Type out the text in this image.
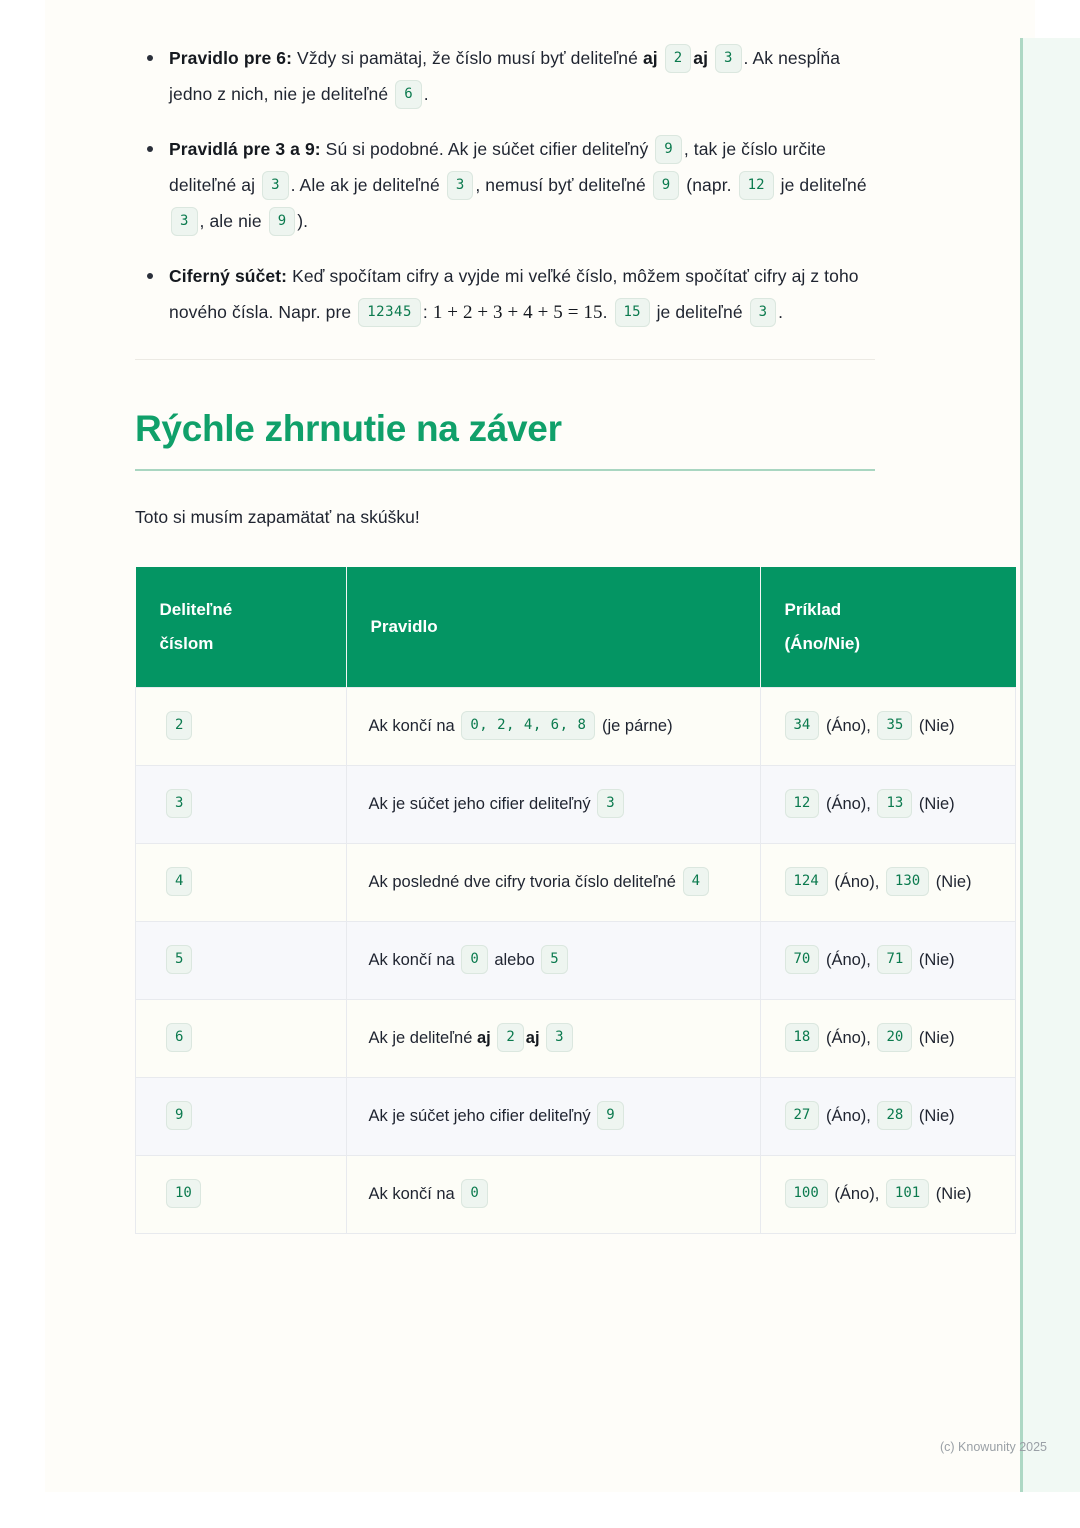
Pravidlo pre 6: Vždy si pamätaj, že číslo musí byť deliteľné aj 2 aj 3 . Ak nespĺňa jedno z nich, nie je deliteľné 6 .
Pravidlá pre 3 a 9: Sú si podobné. Ak je súčet cifier deliteľný 9 , tak je číslo určite deliteľné aj 3 . Ale ak je deliteľné 3 , nemusí byť deliteľné 9 (napr. 12 je deliteľné 3 , ale nie 9 ).
Ciferný súčet: Keď spočítam cifry a vyjde mi veľké číslo, môžem spočítať cifry aj z toho nového čísla. Napr. pre 12345 : 1 + 2 + 3 + 4 + 5 = 15. 15 je deliteľné 3 .
Rýchle zhrnutie na záver

Toto si musím zapamätať na skúšku!

Deliteľné
číslom	Pravidlo	Príklad
(Áno/Nie)
2	Ak končí na 0, 2, 4, 6, 8 (je párne)	34 (Áno), 35 (Nie)
3	Ak je súčet jeho cifier deliteľný 3	12 (Áno), 13 (Nie)
4	Ak posledné dve cifry tvoria číslo deliteľné 4	124 (Áno), 130 (Nie)
5	Ak končí na 0 alebo 5	70 (Áno), 71 (Nie)
6	Ak je deliteľné aj 2 aj 3	18 (Áno), 20 (Nie)
9	Ak je súčet jeho cifier deliteľný 9	27 (Áno), 28 (Nie)
10	Ak končí na 0	100 (Áno), 101 (Nie)
(c) Knowunity 2025
